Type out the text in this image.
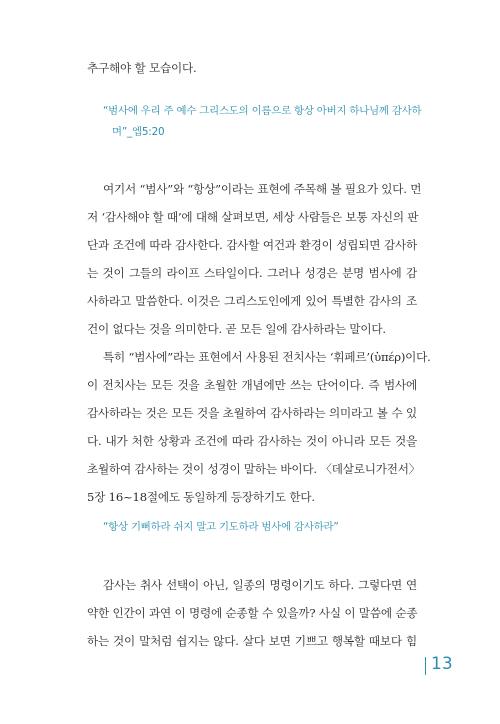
추구해야 할 모습이다.
“범사에 우리 주 예수 그리스도의 이름으로 항상 아버지 하나님께 감사하
며”_엡5:20
여기서 “범사”와 “항상”이라는 표현에 주목해 볼 필요가 있다. 먼
저 ‘감사해야 할 때’에 대해 살펴보면, 세상 사람들은 보통 자신의 판
단과 조건에 따라 감사한다. 감사할 여건과 환경이 성립되면 감사하
는 것이 그들의 라이프 스타일이다. 그러나 성경은 분명 범사에 감
사하라고 말씀한다. 이것은 그리스도인에게 있어 특별한 감사의 조
건이 없다는 것을 의미한다. 곧 모든 일에 감사하라는 말이다.
특히 “범사에”라는 표현에서 사용된 전치사는 ‘휘페르’(ὑπέρ)이다.
이 전치사는 모든 것을 초월한 개념에만 쓰는 단어이다. 즉 범사에
감사하라는 것은 모든 것을 초월하여 감사하라는 의미라고 볼 수 있
다. 내가 처한 상황과 조건에 따라 감사하는 것이 아니라 모든 것을
초월하여 감사하는 것이 성경이 말하는 바이다. 〈데살로니가전서〉
5장 16~18절에도 동일하게 등장하기도 한다.
“항상 기뻐하라 쉬지 말고 기도하라 범사에 감사하라”
감사는 취사 선택이 아닌, 일종의 명령이기도 하다. 그렇다면 연
약한 인간이 과연 이 명령에 순종할 수 있을까? 사실 이 말씀에 순종
하는 것이 말처럼 쉽지는 않다. 살다 보면 기쁘고 행복할 때보다 힘
13
